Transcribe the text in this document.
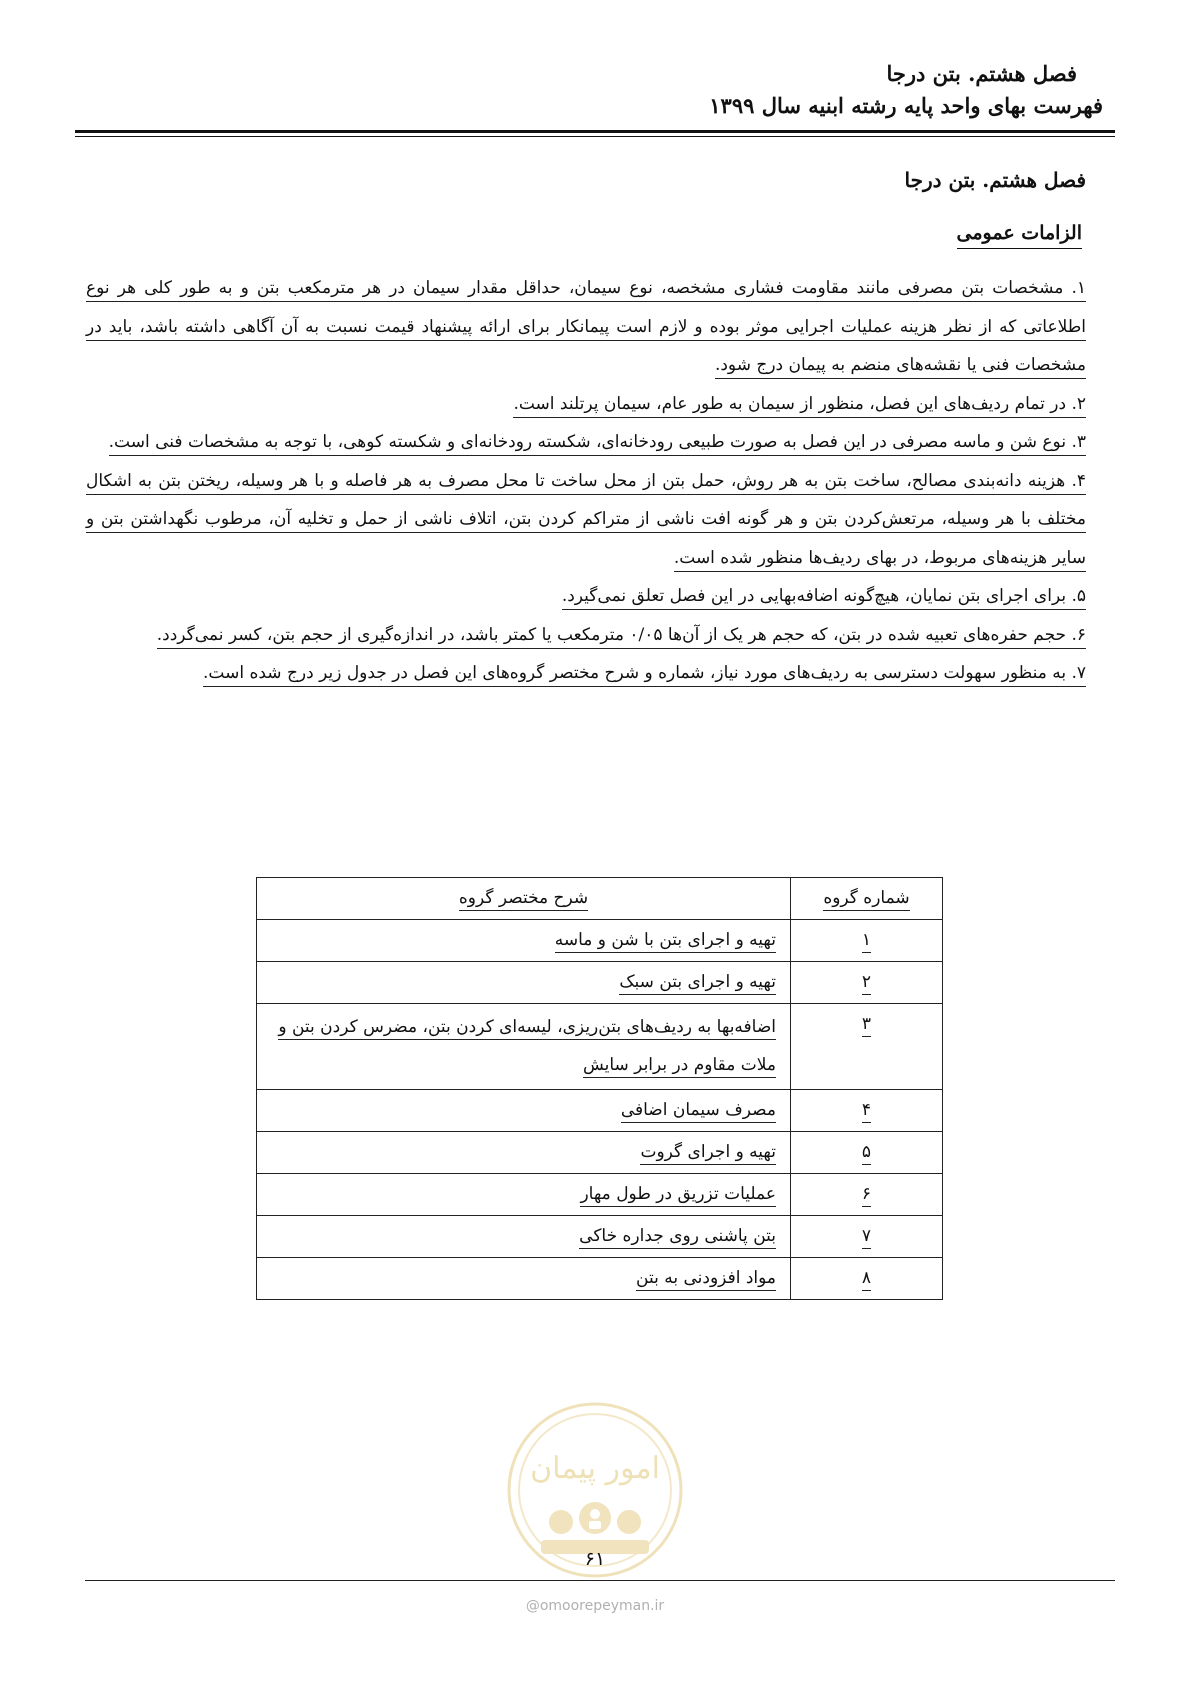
فصل هشتم. بتن درجا
فهرست بهای واحد پایه رشته ابنیه سال ۱۳۹۹
فصل هشتم. بتن درجا
الزامات عمومی

۱. مشخصات بتن مصرفی مانند مقاومت فشاری مشخصه، نوع سیمان، حداقل مقدار سیمان در هر مترمکعب بتن و به طور کلی هر نوع اطلاعاتی که از نظر هزینه عملیات اجرایی موثر بوده و لازم است پیمانکار برای ارائه پیشنهاد قیمت نسبت به آن آگاهی داشته باشد، باید در مشخصات فنی یا نقشه‌های منضم به پیمان درج شود.

۲. در تمام ردیف‌های این فصل، منظور از سیمان به طور عام، سیمان پرتلند است.

۳. نوع شن و ماسه مصرفی در این فصل به صورت طبیعی رودخانه‌ای، شکسته رودخانه‌ای و شکسته کوهی، با توجه به مشخصات فنی است.

۴. هزینه دانه‌بندی مصالح، ساخت بتن به هر روش، حمل بتن از محل ساخت تا محل مصرف به هر فاصله و با هر وسیله، ریختن بتن به اشکال مختلف با هر وسیله، مرتعش‌کردن بتن و هر گونه افت ناشی از متراکم کردن بتن، اتلاف ناشی از حمل و تخلیه آن، مرطوب نگهداشتن بتن و سایر هزینه‌های مربوط، در بهای ردیف‌ها منظور شده است.

۵. برای اجرای بتن نمایان، هیچ‌گونه اضافه‌بهایی در این فصل تعلق نمی‌گیرد.

۶. حجم حفره‌های تعبیه شده در بتن، که حجم هر یک از آن‌ها ۰/۰۵ مترمکعب یا کمتر باشد، در اندازه‌گیری از حجم بتن، کسر نمی‌گردد.

۷. به منظور سهولت دسترسی به ردیف‌های مورد نیاز، شماره و شرح مختصر گروه‌های این فصل در جدول زیر درج شده است.

شماره گروه	شرح مختصر گروه
۱	تهیه و اجرای بتن با شن و ماسه
۲	تهیه و اجرای بتن سبک
۳	اضافه‌بها به ردیف‌های بتن‌ریزی، لیسه‌ای کردن بتن، مضرس کردن بتن و ملات مقاوم در برابر سایش
۴	مصرف سیمان اضافی
۵	تهیه و اجرای گروت
۶	عملیات تزریق در طول مهار
۷	بتن پاشنی روی جداره خاکی
۸	مواد افزودنی به بتن
امور پیمان
۶۱
@omoorepeyman.ir
